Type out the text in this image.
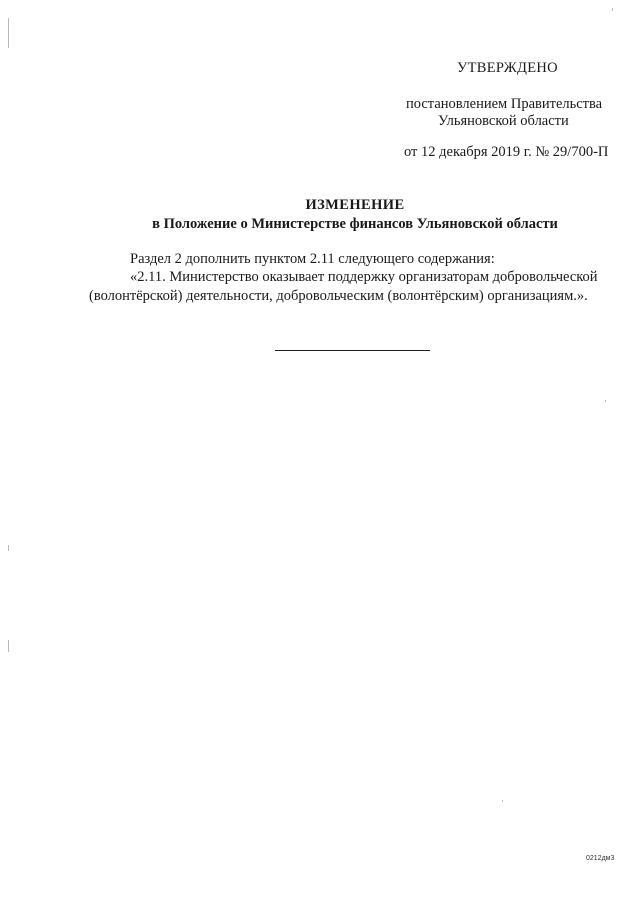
УТВЕРЖДЕНО
постановлением Правительства
Ульяновской области
от 12 декабря 2019 г. № 29/700-П
ИЗМЕНЕНИЕ
в Положение о Министерстве финансов Ульяновской области
Раздел 2 дополнить пунктом 2.11 следующего содержания:
«2.11. Министерство оказывает поддержку организаторам добровольческой
(волонтёрской) деятельности, добровольческим (волонтёрским) организациям.».
0212дм3
